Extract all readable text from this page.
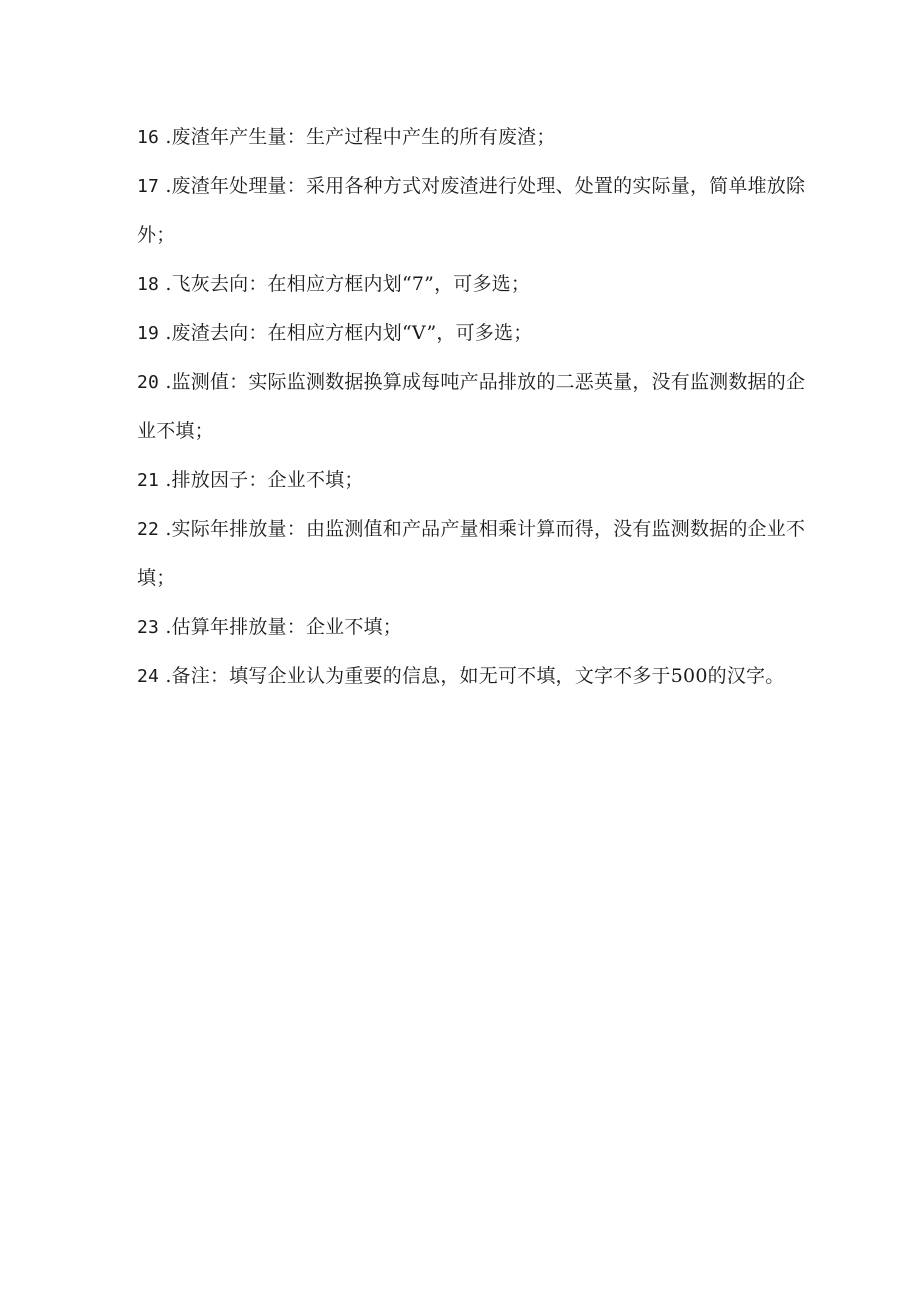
16 .废渣年产生量：生产过程中产生的所有废渣；

17 .废渣年处理量：采用各种方式对废渣进行处理、处置的实际量，简单堆放除外；

18 .飞灰去向：在相应方框内划“7”，可多选；

19 .废渣去向：在相应方框内划“V”，可多选；

20 .监测值：实际监测数据换算成每吨产品排放的二恶英量，没有监测数据的企业不填；

21 .排放因子：企业不填；

22 .实际年排放量：由监测值和产品产量相乘计算而得，没有监测数据的企业不填；

23 .估算年排放量：企业不填；

24 .备注：填写企业认为重要的信息，如无可不填，文字不多于500的汉字。
